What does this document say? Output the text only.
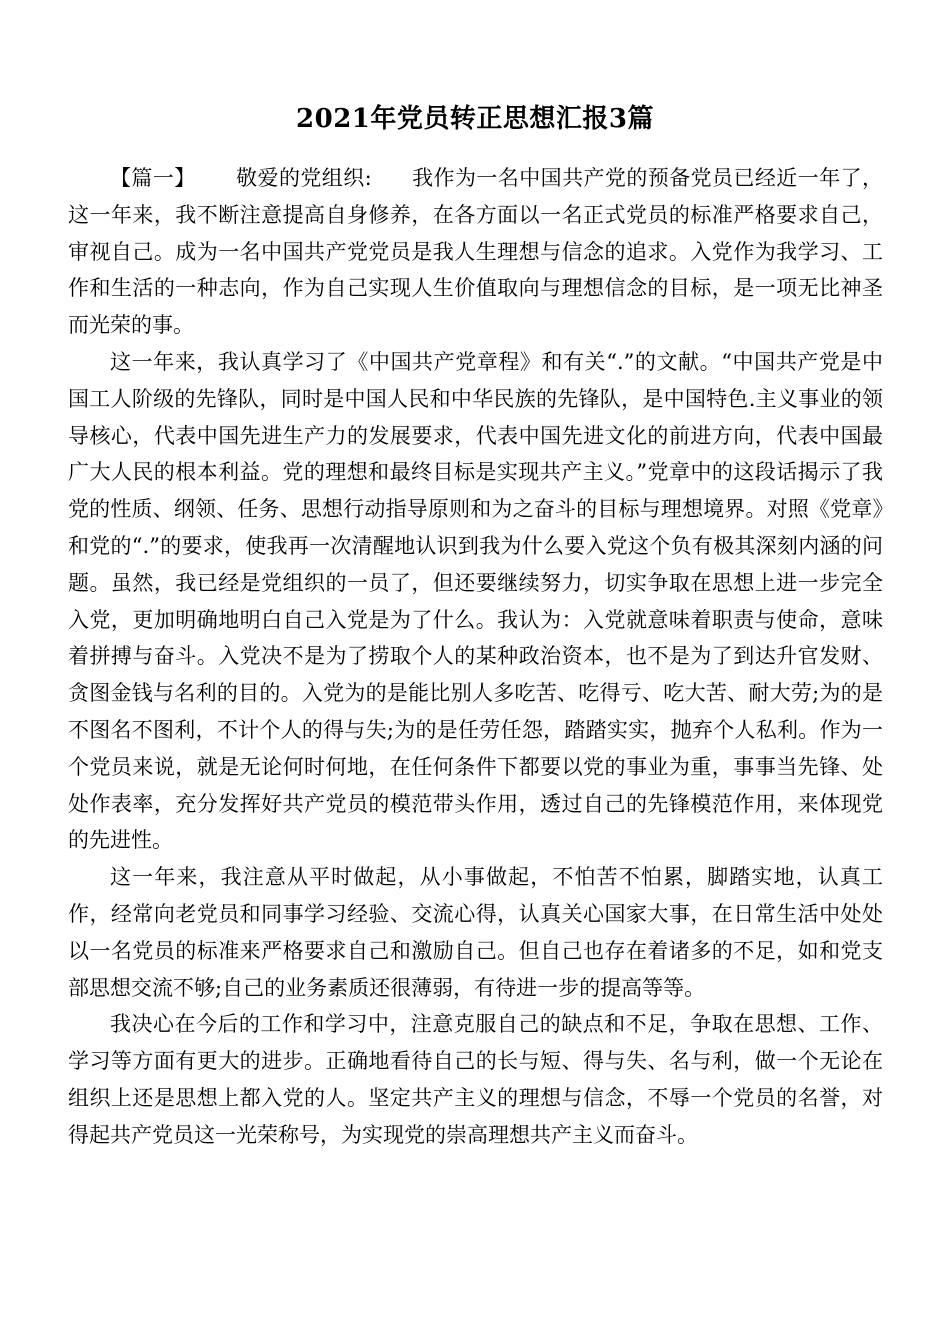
2021年党员转正思想汇报3篇

【篇一】 敬爱的党组织: 我作为一名中国共产党的预备党员已经近一年了，这一年来，我不断注意提高自身修养，在各方面以一名正式党员的标准严格要求自己，审视自己。成为一名中国共产党党员是我人生理想与信念的追求。入党作为我学习、工作和生活的一种志向，作为自己实现人生价值取向与理想信念的目标，是一项无比神圣而光荣的事。

这一年来，我认真学习了《中国共产党章程》和有关“.”的文献。“中国共产党是中国工人阶级的先锋队，同时是中国人民和中华民族的先锋队，是中国特色.主义事业的领导核心，代表中国先进生产力的发展要求，代表中国先进文化的前进方向，代表中国最广大人民的根本利益。党的理想和最终目标是实现共产主义。”党章中的这段话揭示了我党的性质、纲领、任务、思想行动指导原则和为之奋斗的目标与理想境界。对照《党章》和党的“.”的要求，使我再一次清醒地认识到我为什么要入党这个负有极其深刻内涵的问题。虽然，我已经是党组织的一员了，但还要继续努力，切实争取在思想上进一步完全入党，更加明确地明白自己入党是为了什么。我认为：入党就意味着职责与使命，意味着拼搏与奋斗。入党决不是为了捞取个人的某种政治资本，也不是为了到达升官发财、贪图金钱与名利的目的。入党为的是能比别人多吃苦、吃得亏、吃大苦、耐大劳;为的是不图名不图利，不计个人的得与失;为的是任劳任怨，踏踏实实，抛弃个人私利。作为一个党员来说，就是无论何时何地，在任何条件下都要以党的事业为重，事事当先锋、处处作表率，充分发挥好共产党员的模范带头作用，透过自己的先锋模范作用，来体现党的先进性。

这一年来，我注意从平时做起，从小事做起，不怕苦不怕累，脚踏实地，认真工作，经常向老党员和同事学习经验、交流心得，认真关心国家大事，在日常生活中处处以一名党员的标准来严格要求自己和激励自己。但自己也存在着诸多的不足，如和党支部思想交流不够;自己的业务素质还很薄弱，有待进一步的提高等等。

我决心在今后的工作和学习中，注意克服自己的缺点和不足，争取在思想、工作、学习等方面有更大的进步。正确地看待自己的长与短、得与失、名与利，做一个无论在组织上还是思想上都入党的人。坚定共产主义的理想与信念，不辱一个党员的名誉，对得起共产党员这一光荣称号，为实现党的崇高理想共产主义而奋斗。
